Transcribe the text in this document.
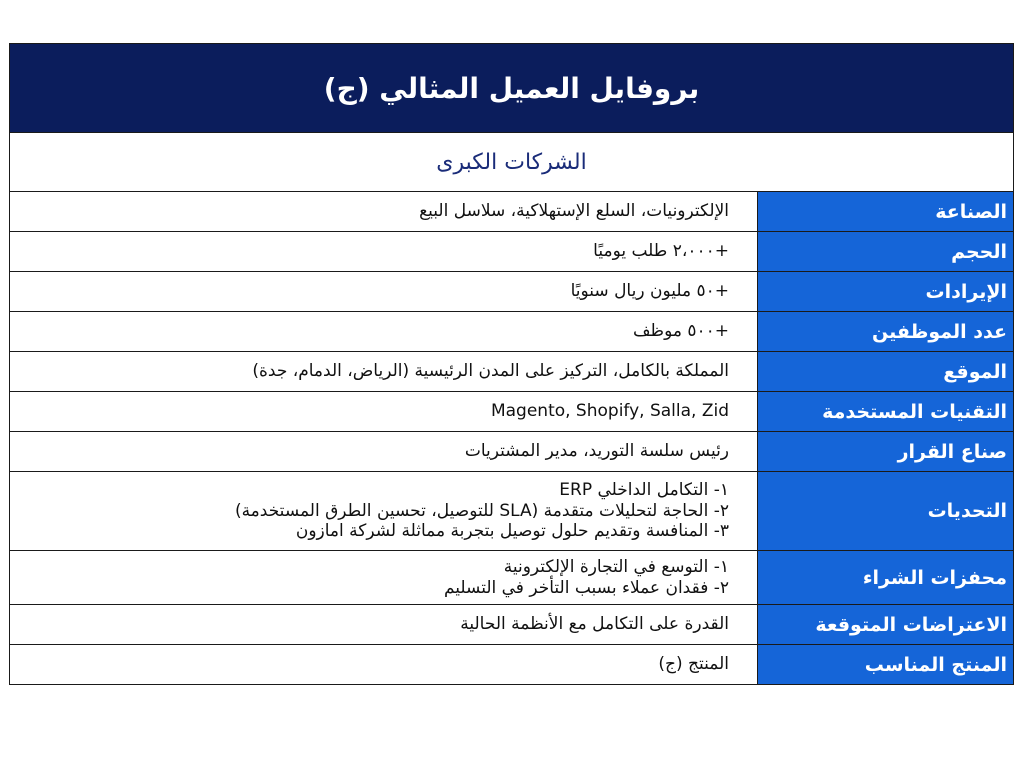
بروفايل العميل المثالي (ج)	
الشركات الكبرى	
الصناعة	الإلكترونيات، السلع الإستهلاكية، سلاسل البيع

الحجم	+٢،٠٠٠ طلب يوميًا

الإيرادات	+٥٠ مليون ريال سنويًا

عدد الموظفين	+٥٠٠ موظف

الموقع	المملكة بالكامل، التركيز على المدن الرئيسية (الرياض، الدمام، جدة)

التقنيات المستخدمة	Magento, Shopify, Salla, Zid
صناع القرار	رئيس سلسة التوريد، مدير المشتريات

التحديات	١- التكامل الداخلي ERP
٢- الحاجة لتحليلات متقدمة (SLA للتوصيل، تحسين الطرق المستخدمة)
٣- المنافسة وتقديم حلول توصيل بتجربة مماثلة لشركة امازون

محفزات الشراء	١- التوسع في التجارة الإلكترونية
٢- فقدان عملاء بسبب التأخر في التسليم

الاعتراضات المتوقعة	القدرة على التكامل مع الأنظمة الحالية

المنتج المناسب	المنتج (ج)
